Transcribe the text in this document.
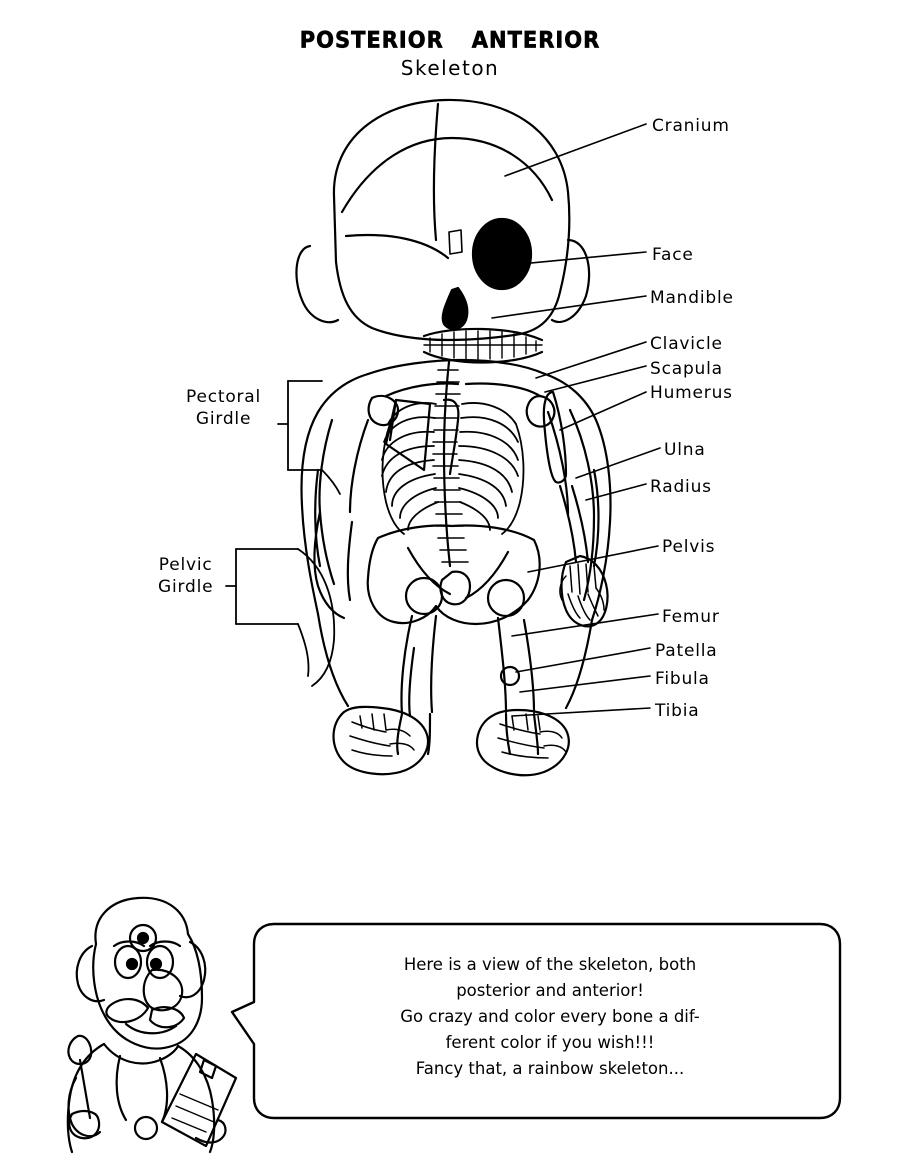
POSTERIOR ANTERIOR
Skeleton
Cranium
Face
Mandible
Clavicle
Scapula
Humerus
Ulna
Radius
Pelvis
Femur
Patella
Fibula
Tibia
Pectoral
Girdle
Pelvic
Girdle
Here is a view of the skeleton, both
posterior and anterior!
Go crazy and color every bone a dif-
ferent color if you wish!!!
Fancy that, a rainbow skeleton...
